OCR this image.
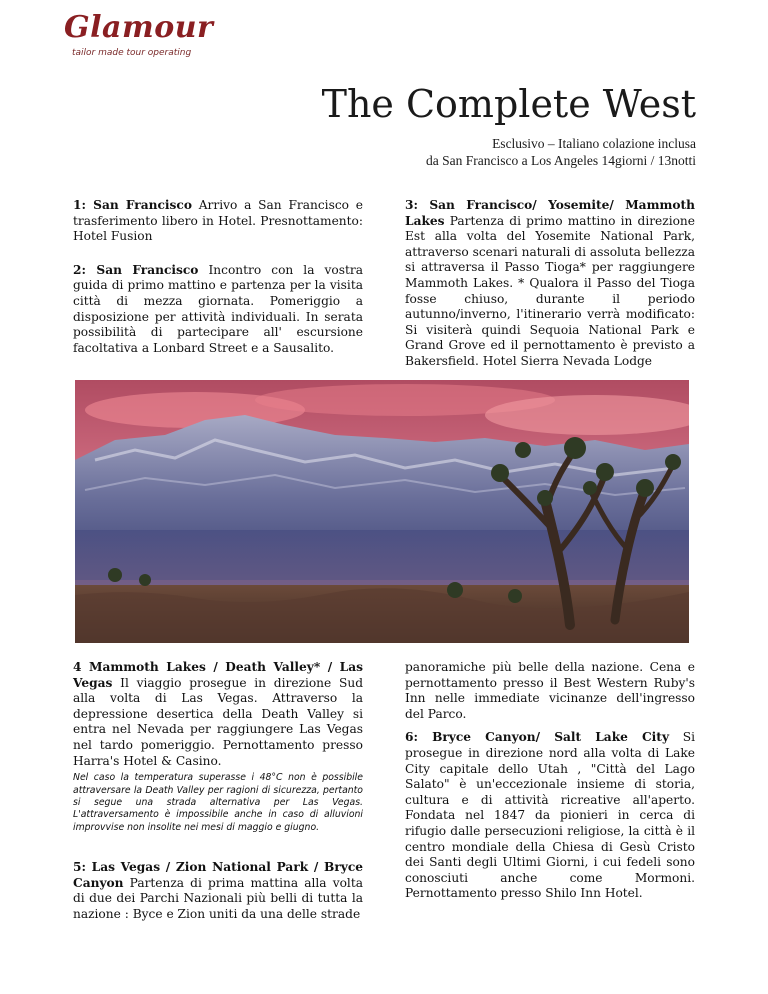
Glamour
tailor made tour operating
The Complete West
Esclusivo – Italiano colazione inclusa
da San Francisco a Los Angeles 14giorni / 13notti

1: San Francisco Arrivo a San Francisco e trasferimento libero in Hotel. Presnottamento: Hotel Fusion

2: San Francisco Incontro con la vostra guida di primo mattino e partenza per la visita città di mezza giornata. Pomeriggio a disposizione per attività individuali. In serata possibilità di partecipare all' escursione facoltativa a Lonbard Street e a Sausalito.

3: San Francisco/ Yosemite/ Mammoth Lakes Partenza di primo mattino in direzione Est alla volta del Yosemite National Park, attraverso scenari naturali di assoluta bellezza si attraversa il Passo Tioga* per raggiungere Mammoth Lakes. * Qualora il Passo del Tioga fosse chiuso, durante il periodo autunno/inverno, l'itinerario verrà modificato: Si visiterà quindi Sequoia National Park e Grand Grove ed il pernottamento è previsto a Bakersfield. Hotel Sierra Nevada Lodge

4 Mammoth Lakes / Death Valley* / Las Vegas Il viaggio prosegue in direzione Sud alla volta di Las Vegas. Attraverso la depressione desertica della Death Valley si entra nel Nevada per raggiungere Las Vegas nel tardo pomeriggio. Pernottamento presso Harra's Hotel & Casino.

Nel caso la temperatura superasse i 48°C non è possibile attraversare la Death Valley per ragioni di sicurezza, pertanto si segue una strada alternativa per Las Vegas. L'attraversamento è impossibile anche in caso di alluvioni improvvise non insolite nei mesi di maggio e giugno.

5: Las Vegas / Zion National Park / Bryce Canyon Partenza di prima mattina alla volta di due dei Parchi Nazionali più belli di tutta la nazione : Byce e Zion uniti da una delle strade

panoramiche più belle della nazione. Cena e pernottamento presso il Best Western Ruby's Inn nelle immediate vicinanze dell'ingresso del Parco.

6: Bryce Canyon/ Salt Lake City Si prosegue in direzione nord alla volta di Lake City capitale dello Utah , "Città del Lago Salato" è un'eccezionale insieme di storia, cultura e di attività ricreative all'aperto. Fondata nel 1847 da pionieri in cerca di rifugio dalle persecuzioni religiose, la città è il centro mondiale della Chiesa di Gesù Cristo dei Santi degli Ultimi Giorni, i cui fedeli sono conosciuti anche come Mormoni. Pernottamento presso Shilo Inn Hotel.
